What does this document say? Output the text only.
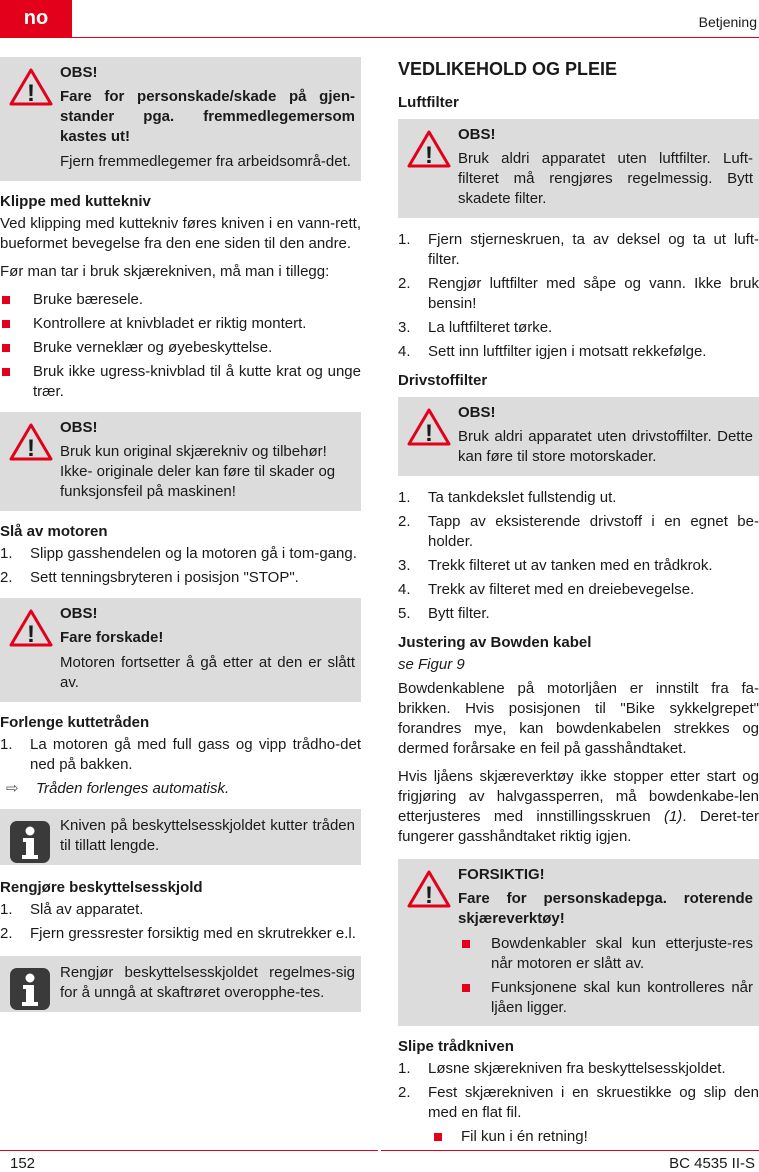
no	Betjening
!
OBS!
Fare for personskade/skade på gjen-stander pga. fremmedlegemersom kastes ut!
Fjern fremmedlegemer fra arbeidsområ-det.
Klippe med kuttekniv

Ved klipping med kuttekniv føres kniven i en vann-rett, bueformet bevegelse fra den ene siden til den andre.

Før man tar i bruk skjærekniven, må man i tillegg:

Bruke bæresele.
Kontrollere at knivbladet er riktig montert.
Bruke verneklær og øyebeskyttelse.
Bruk ikke ugress-knivblad til å kutte krat og unge trær.
!
OBS!
Bruk kun original skjærekniv og tilbehør! Ikke- originale deler kan føre til skader og funksjonsfeil på maskinen!
Slå av motoren
1. Slipp gasshendelen og la motoren gå i tom-gang.
2. Sett tenningsbryteren i posisjon "STOP".
!
OBS!
Fare forskade!
Motoren fortsetter å gå etter at den er slått av.
Forlenge kuttetråden
1. La motoren gå med full gass og vipp trådho-det ned på bakken.
⇨ Tråden forlenges automatisk.
Kniven på beskyttelsesskjoldet kutter tråden til tillatt lengde.
Rengjøre beskyttelsesskjold
1. Slå av apparatet.
2. Fjern gressrester forsiktig med en skrutrekker e.l.
Rengjør beskyttelsesskjoldet regelmes-sig for å unngå at skaftrøret overopphe-tes.
VEDLIKEHOLD OG PLEIE
Luftfilter
!
OBS!
Bruk aldri apparatet uten luftfilter. Luft-filteret må rengjøres regelmessig. Bytt skadete filter.
1. Fjern stjerneskruen, ta av deksel og ta ut luft-filter.
2. Rengjør luftfilter med såpe og vann. Ikke bruk bensin!
3. La luftfilteret tørke.
4. Sett inn luftfilter igjen i motsatt rekkefølge.
Drivstoffilter
!
OBS!
Bruk aldri apparatet uten drivstoffilter. Dette kan føre til store motorskader.
1. Ta tankdekslet fullstendig ut.
2. Tapp av eksisterende drivstoff i en egnet be-holder.
3. Trekk filteret ut av tanken med en trådkrok.
4. Trekk av filteret med en dreiebevegelse.
5. Bytt filter.
Justering av Bowden kabel

se Figur 9

Bowdenkablene på motorljåen er innstilt fra fa-brikken. Hvis posisjonen til "Bike sykkelgrepet" forandres mye, kan bowdenkabelen strekkes og dermed forårsake en feil på gasshåndtaket.

Hvis ljåens skjæreverktøy ikke stopper etter start og frigjøring av halvgassperren, må bowdenkabe-len etterjusteres med innstillingsskruen (1). Deret-ter fungerer gasshåndtaket riktig igjen.

!
FORSIKTIG!
Fare for personskadepga. roterende skjæreverktøy!
Bowdenkabler skal kun etterjuste-res når motoren er slått av.
Funksjonene skal kun kontrolleres når ljåen ligger.
Slipe trådkniven
1. Løsne skjærekniven fra beskyttelsesskjoldet.
2. Fest skjærekniven i en skruestikke og slip den med en flat fil.
Fil kun i én retning!
152	BC 4535 II-S
